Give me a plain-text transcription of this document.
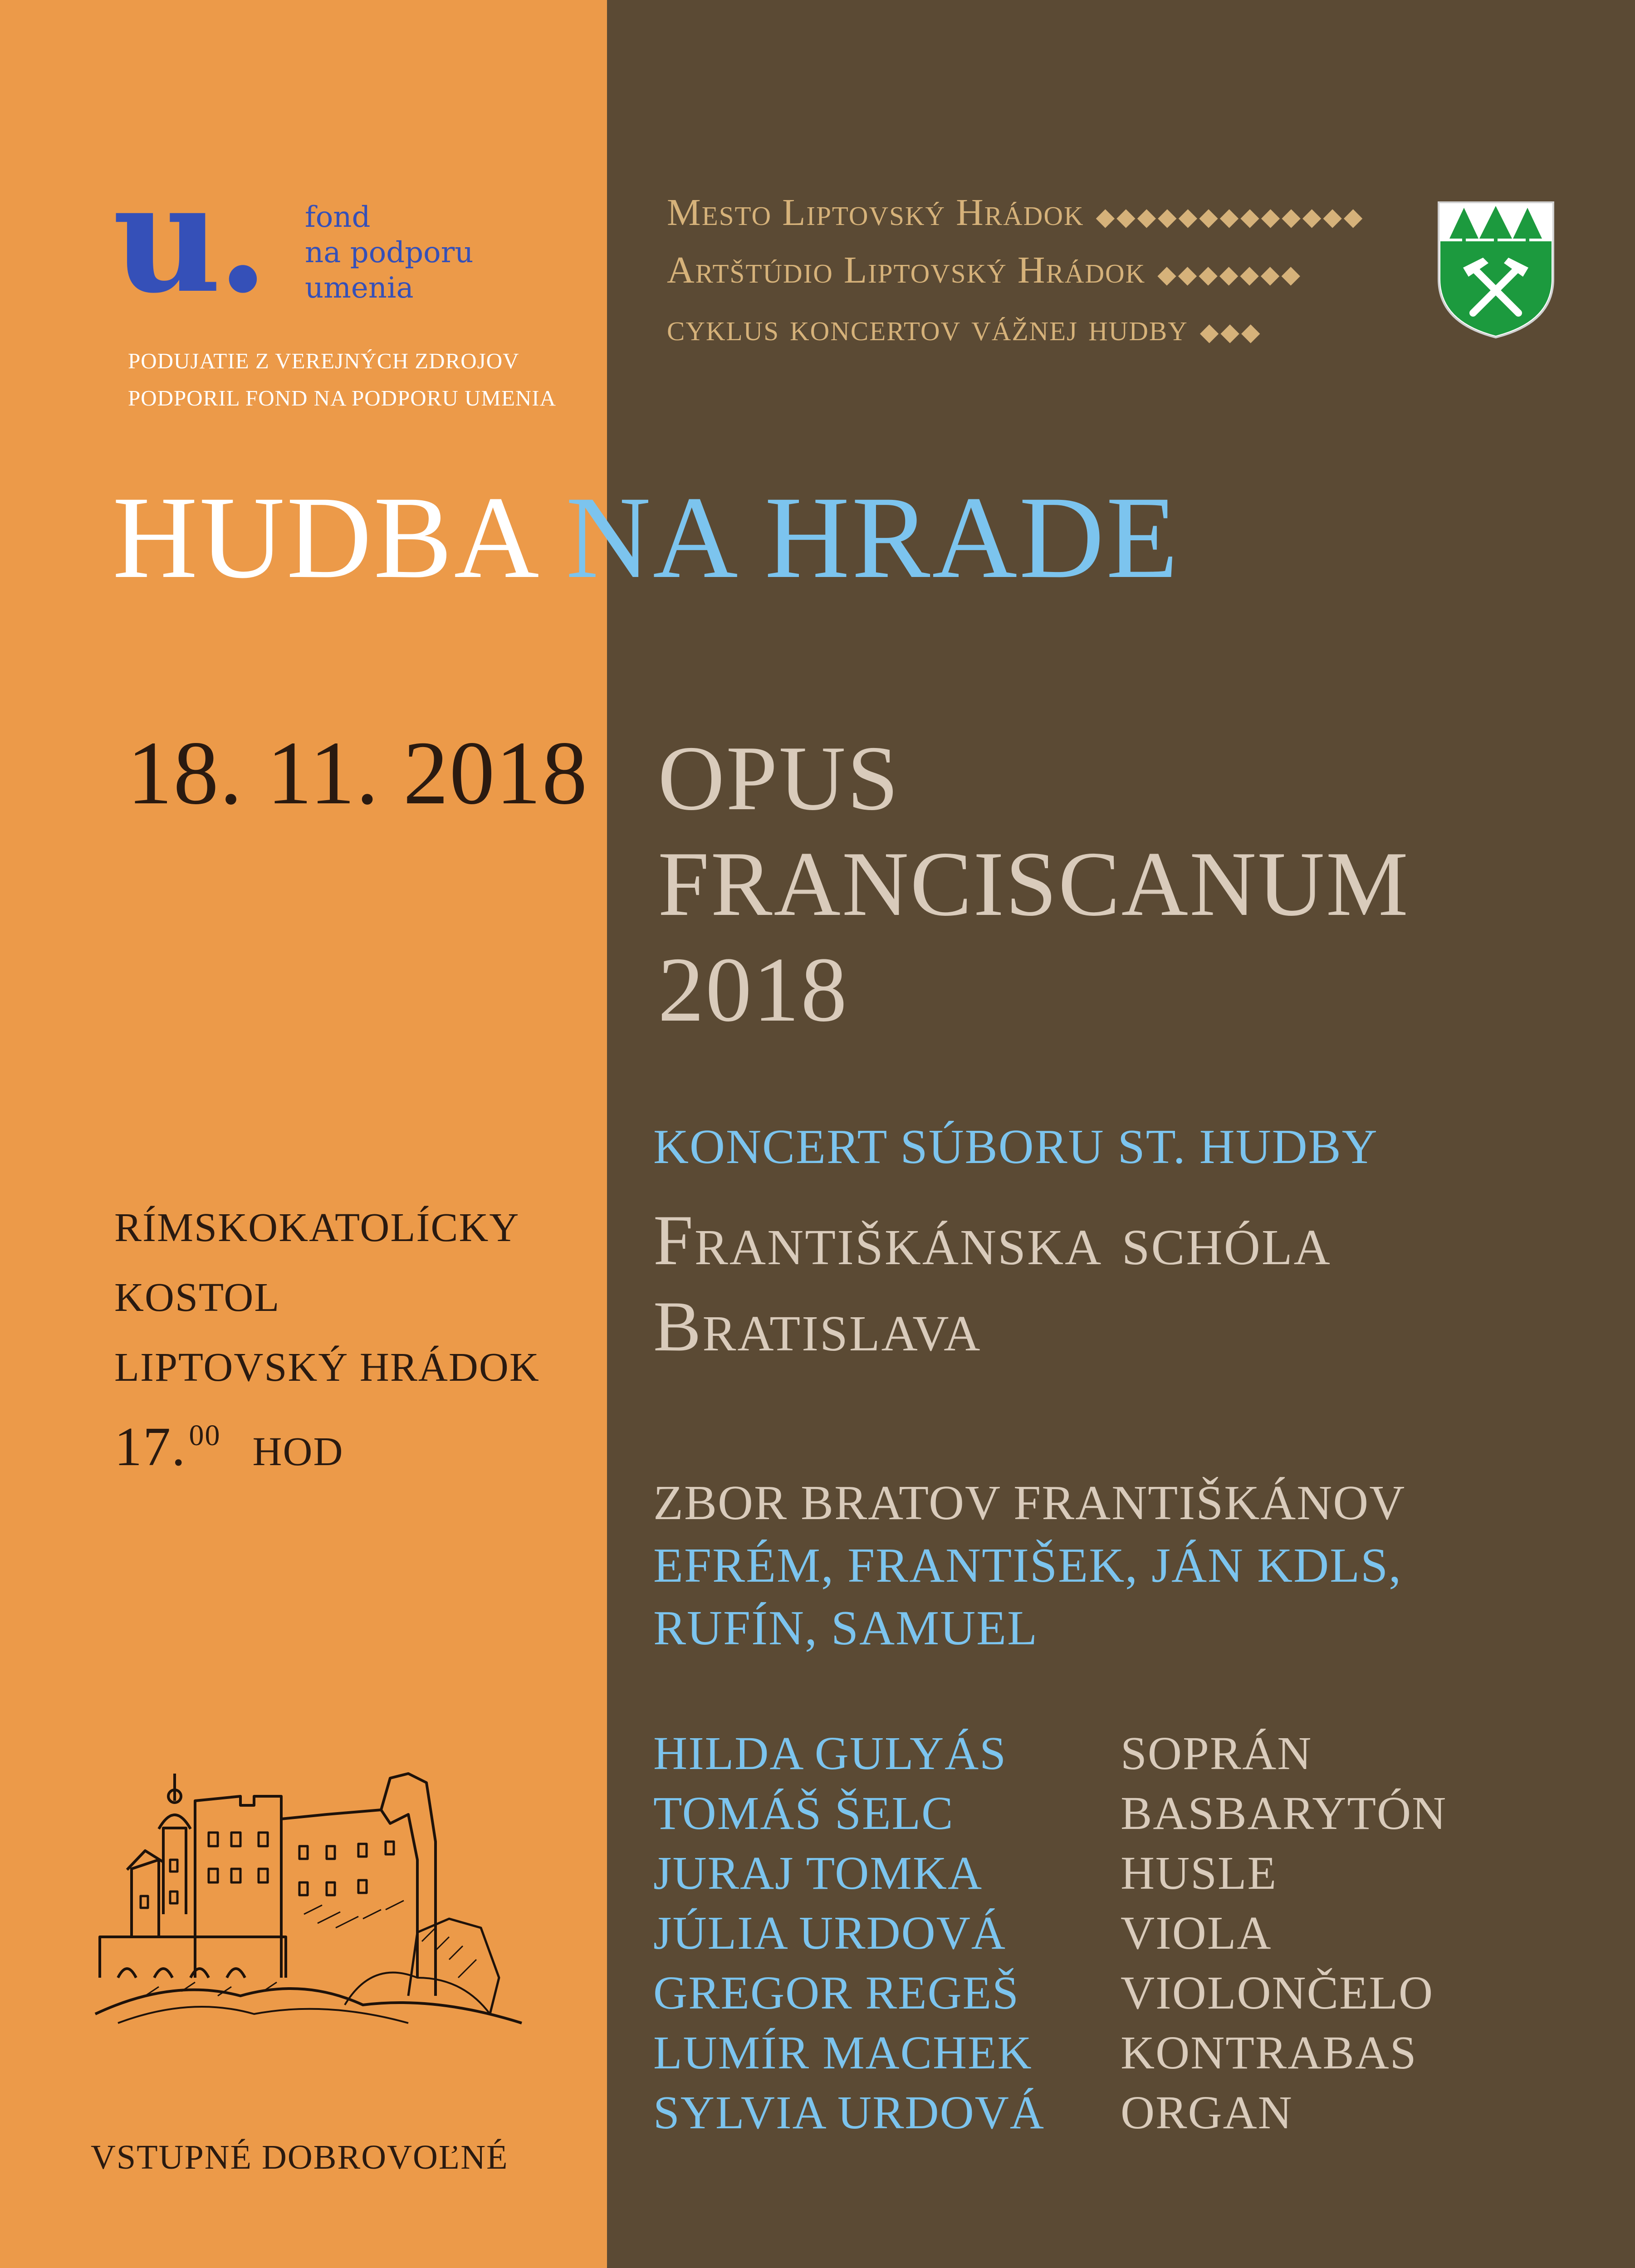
u. fond
na podporu
umenia
PODUJATIE Z VEREJNÝCH ZDROJOV
PODPORIL FOND NA PODPORU UMENIA
Mesto Liptovský Hrádok ◆◆◆◆◆◆◆◆◆◆◆◆◆
Artštúdio Liptovský Hrádok ◆◆◆◆◆◆◆
cyklus koncertov vážnej hudby ◆◆◆
HUDBA NA HRADE
18. 11. 2018 OPUS
FRANCISCANUM
2018
RÍMSKOKATOLÍCKY
KOSTOL
LIPTOVSKÝ HRÁDOK
17.00 HOD
KONCERT SÚBORU ST. HUDBY
Františkánska schóla
Bratislava
ZBOR BRATOV FRANTIŠKÁNOV
EFRÉM, FRANTIŠEK, JÁN KDLS,
RUFÍN, SAMUEL
HILDA GULYÁS SOPRÁN
TOMÁŠ ŠELC	BASBARYTÓN
JURAJ TOMKA	HUSLE
JÚLIA URDOVÁ VIOLA
GREGOR REGEŠ VIOLONČELO
LUMÍR MACHEK KONTRABAS
SYLVIA URDOVÁ ORGAN
VSTUPNÉ DOBROVOĽNÉ
